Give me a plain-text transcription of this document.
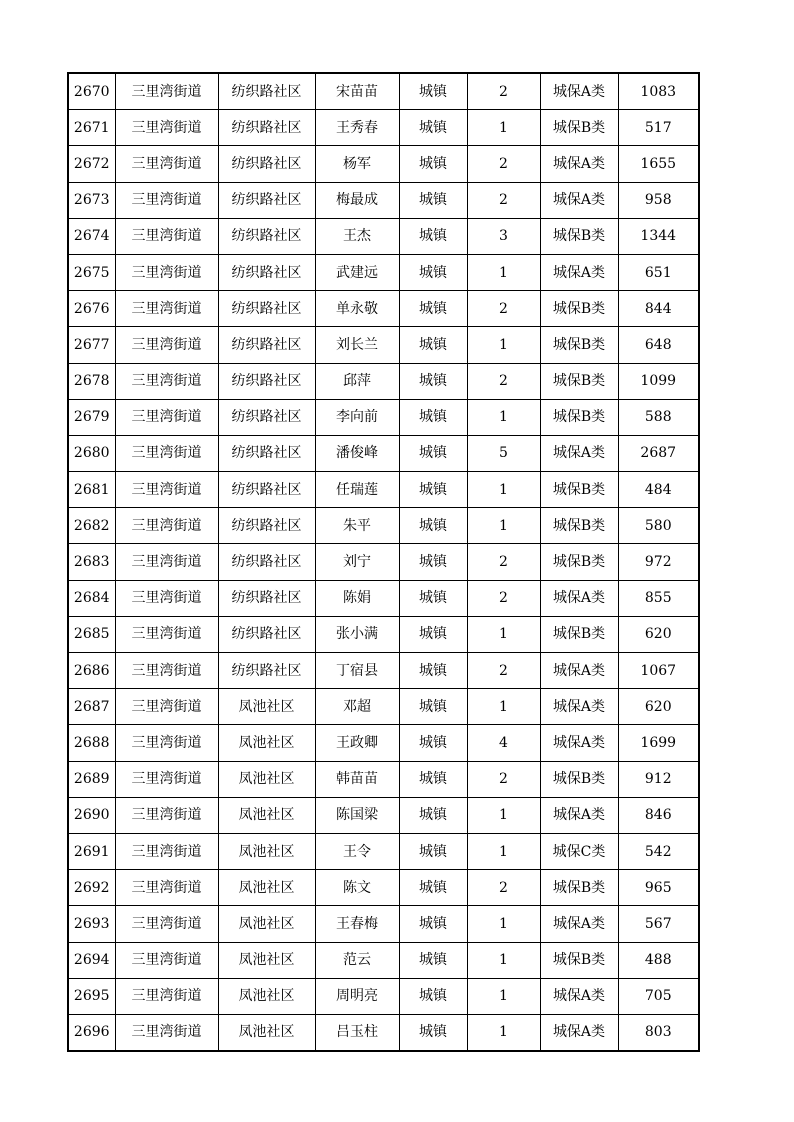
2670	三里湾街道	纺织路社区	宋苗苗	城镇	2	城保A类	1083
2671	三里湾街道	纺织路社区	王秀春	城镇	1	城保B类	517
2672	三里湾街道	纺织路社区	杨军	城镇	2	城保A类	1655
2673	三里湾街道	纺织路社区	梅最成	城镇	2	城保A类	958
2674	三里湾街道	纺织路社区	王杰	城镇	3	城保B类	1344
2675	三里湾街道	纺织路社区	武建远	城镇	1	城保A类	651
2676	三里湾街道	纺织路社区	单永敬	城镇	2	城保B类	844
2677	三里湾街道	纺织路社区	刘长兰	城镇	1	城保B类	648
2678	三里湾街道	纺织路社区	邱萍	城镇	2	城保B类	1099
2679	三里湾街道	纺织路社区	李向前	城镇	1	城保B类	588
2680	三里湾街道	纺织路社区	潘俊峰	城镇	5	城保A类	2687
2681	三里湾街道	纺织路社区	任瑞莲	城镇	1	城保B类	484
2682	三里湾街道	纺织路社区	朱平	城镇	1	城保B类	580
2683	三里湾街道	纺织路社区	刘宁	城镇	2	城保B类	972
2684	三里湾街道	纺织路社区	陈娟	城镇	2	城保A类	855
2685	三里湾街道	纺织路社区	张小满	城镇	1	城保B类	620
2686	三里湾街道	纺织路社区	丁宿县	城镇	2	城保A类	1067
2687	三里湾街道	凤池社区	邓超	城镇	1	城保A类	620
2688	三里湾街道	凤池社区	王政卿	城镇	4	城保A类	1699
2689	三里湾街道	凤池社区	韩苗苗	城镇	2	城保B类	912
2690	三里湾街道	凤池社区	陈国梁	城镇	1	城保A类	846
2691	三里湾街道	凤池社区	王令	城镇	1	城保C类	542
2692	三里湾街道	凤池社区	陈文	城镇	2	城保B类	965
2693	三里湾街道	凤池社区	王春梅	城镇	1	城保A类	567
2694	三里湾街道	凤池社区	范云	城镇	1	城保B类	488
2695	三里湾街道	凤池社区	周明亮	城镇	1	城保A类	705
2696	三里湾街道	凤池社区	吕玉柱	城镇	1	城保A类	803
